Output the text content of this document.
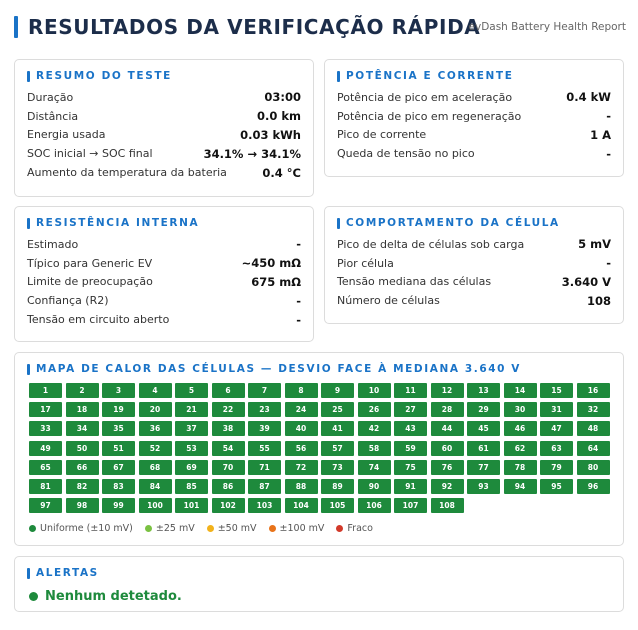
RESULTADOS DA VERIFICAÇÃO RÁPIDA
evDash Battery Health Report
RESUMO DO TESTE
Duração	03:00
Distância	0.0 km
Energia usada	0.03 kWh
SOC inicial → SOC final	34.1% → 34.1%
Aumento da temperatura da bateria	0.4 °C
POTÊNCIA E CORRENTE
Potência de pico em aceleração	0.4 kW
Potência de pico em regeneração	-
Pico de corrente	1 A
Queda de tensão no pico	-
RESISTÊNCIA INTERNA
Estimado	-
Típico para Generic EV	~450 mΩ
Limite de preocupação	675 mΩ
Confiança (R2)	-
Tensão em circuito aberto	-
COMPORTAMENTO DA CÉLULA
Pico de delta de células sob carga	5 mV
Pior célula	-
Tensão mediana das células	3.640 V
Número de células	108
MAPA DE CALOR DAS CÉLULAS — DESVIO FACE À MEDIANA 3.640 V
1	2	3	4	5	6	7	8	9	10	11	12	13	14	15	16
17	18	19	20	21	22	23	24	25	26	27	28	29	30	31	32
33	34	35	36	37	38	39	40	41	42	43	44	45	46	47	48
49	50	51	52	53	54	55	56	57	58	59	60	61	62	63	64
65	66	67	68	69	70	71	72	73	74	75	76	77	78	79	80
81	82	83	84	85	86	87	88	89	90	91	92	93	94	95	96
97	98	99	100	101	102	103	104	105	106	107	108
Uniforme (±10 mV) ±25 mV ±50 mV ±100 mV Fraco
ALERTAS
Nenhum detetado.
